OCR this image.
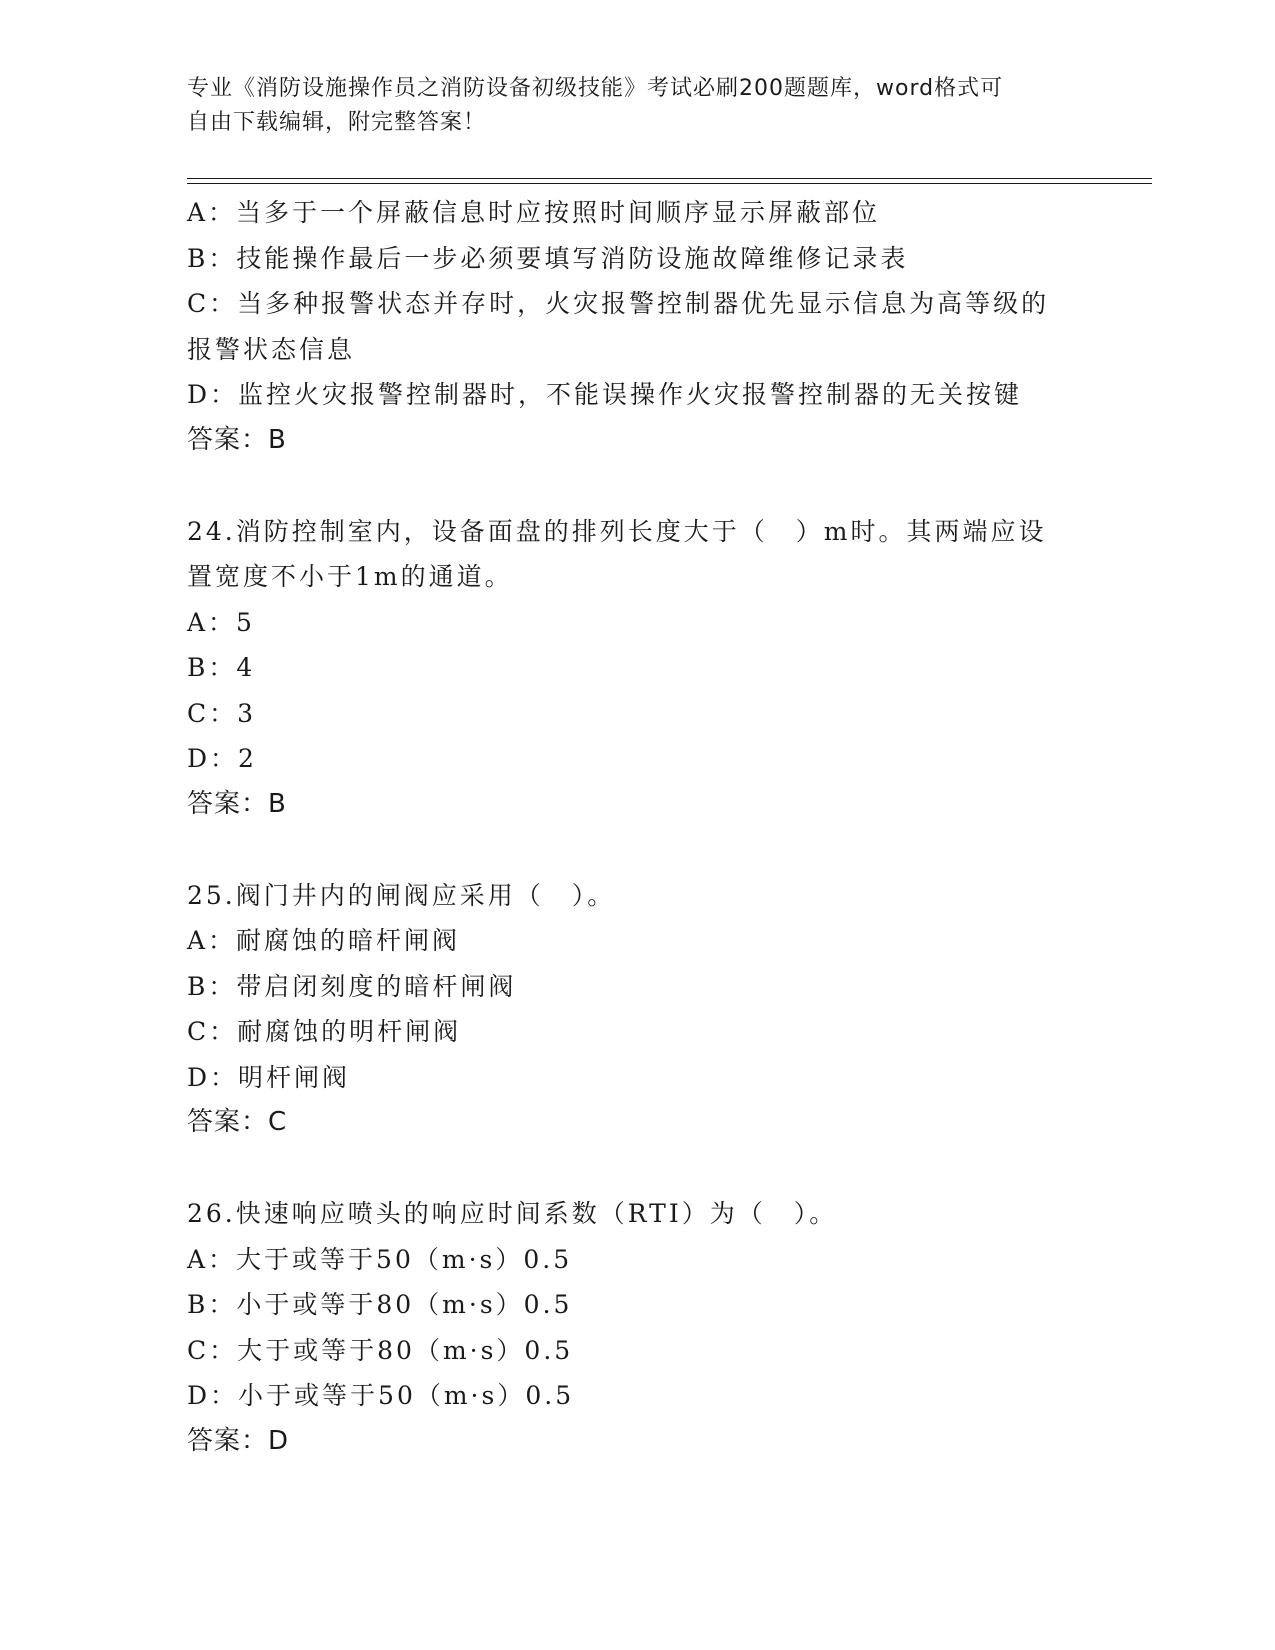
专业《消防设施操作员之消防设备初级技能》考试必刷200题题库，word格式可
自由下载编辑，附完整答案！
A：当多于一个屏蔽信息时应按照时间顺序显示屏蔽部位
B：技能操作最后一步必须要填写消防设施故障维修记录表
C：当多种报警状态并存时，火灾报警控制器优先显示信息为高等级的
报警状态信息
D：监控火灾报警控制器时，不能误操作火灾报警控制器的无关按键
答案：B
24.消防控制室内，设备面盘的排列长度大于（　）m时。其两端应设
置宽度不小于1m的通道。
A：5
B：4
C：3
D：2
答案：B
25.阀门井内的闸阀应采用（　）。
A：耐腐蚀的暗杆闸阀
B：带启闭刻度的暗杆闸阀
C：耐腐蚀的明杆闸阀
D：明杆闸阀
答案：C
26.快速响应喷头的响应时间系数（RTI）为（　）。
A：大于或等于50（m·s）0.5
B：小于或等于80（m·s）0.5
C：大于或等于80（m·s）0.5
D：小于或等于50（m·s）0.5
答案：D
